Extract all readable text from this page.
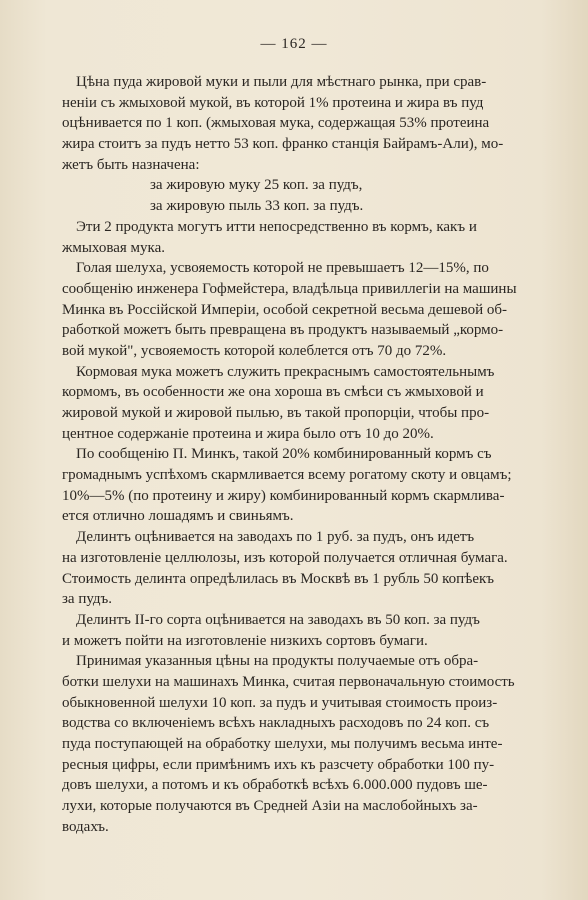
— 162 —
Цѣна пуда жировой муки и пыли для мѣстнаго рынка, при срав-
неніи съ жмыховой мукой, въ которой 1% протеина и жира въ пуд
оцѣнивается по 1 коп. (жмыховая мука, содержащая 53% протеина
жира стоитъ за пудъ нетто 53 коп. франко станція Байрамъ-Али), мо-
жетъ быть назначена:
за жировую муку 25 коп. за пудъ,
за жировую пыль 33 коп. за пудъ.
Эти 2 продукта могутъ итти непосредственно въ кормъ, какъ и
жмыховая мука.
Голая шелуха, усвояемость которой не превышаетъ 12—15%, по
сообщенію инженера Гофмейстера, владѣльца привиллегіи на машины
Минка въ Россійской Имперіи, особой секретной весьма дешевой об-
работкой можетъ быть превращена въ продуктъ называемый „кормо-
вой мукой", усвояемость которой колеблется отъ 70 до 72%.
Кормовая мука можетъ служить прекраснымъ самостоятельнымъ
кормомъ, въ особенности же она хороша въ смѣси съ жмыховой и
жировой мукой и жировой пылью, въ такой пропорціи, чтобы про-
центное содержаніе протеина и жира было отъ 10 до 20%.
По сообщенію П. Минкъ, такой 20% комбинированный кормъ съ
громаднымъ успѣхомъ скармливается всему рогатому скоту и овцамъ;
10%—5% (по протеину и жиру) комбинированный кормъ скармлива-
ется отлично лошадямъ и свиньямъ.
Делинтъ оцѣнивается на заводахъ по 1 руб. за пудъ, онъ идетъ
на изготовленіе целлюлозы, изъ которой получается отличная бумага.
Стоимость делинта опредѣлилась въ Москвѣ въ 1 рубль 50 копѣекъ
за пудъ.
Делинтъ II-го сорта оцѣнивается на заводахъ въ 50 коп. за пудъ
и можетъ пойти на изготовленіе низкихъ сортовъ бумаги.
Принимая указанныя цѣны на продукты получаемые отъ обра-
ботки шелухи на машинахъ Минка, считая первоначальную стоимость
обыкновенной шелухи 10 коп. за пудъ и учитывая стоимость произ-
водства со включеніемъ всѣхъ накладныхъ расходовъ по 24 коп. съ
пуда поступающей на обработку шелухи, мы получимъ весьма инте-
ресныя цифры, если примѣнимъ ихъ къ разсчету обработки 100 пу-
довъ шелухи, а потомъ и къ обработкѣ всѣхъ 6.000.000 пудовъ ше-
лухи, которые получаются въ Средней Азіи на маслобойныхъ за-
водахъ.
